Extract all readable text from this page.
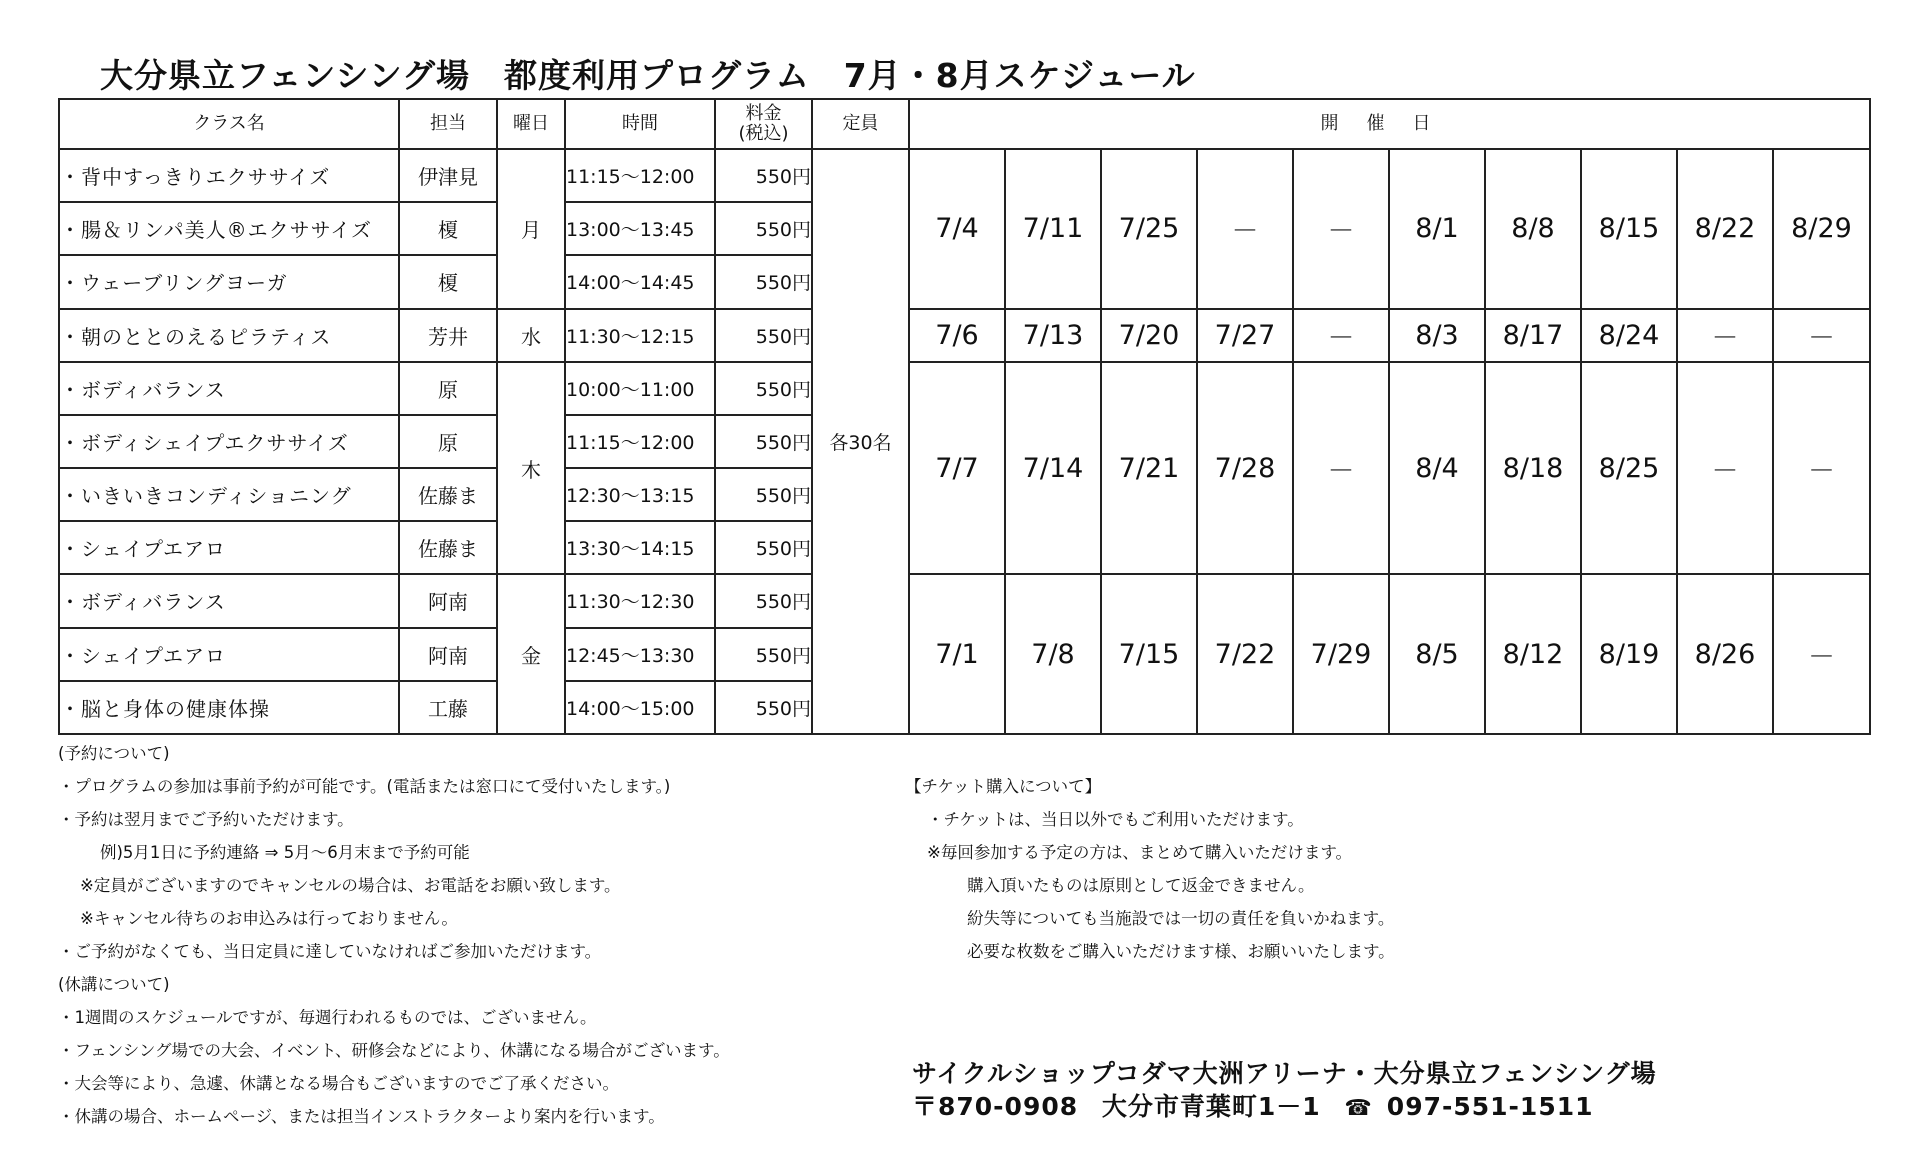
大分県立フェンシング場　都度利用プログラム　7月・8月スケジュール
クラス名	担当	曜日	時間	料金
(税込)	定員	開催日									
・背中すっきりエクササイズ	伊津見	月	11:15～12:00	550円	各30名	7/4	7/11	7/25	－	－	8/1	8/8	8/15	8/22	8/29
・腸＆リンパ美人®エクササイズ	榎		13:00～13:45	550円											
・ウェーブリングヨーガ	榎		14:00～14:45	550円											
・朝のととのえるピラティス	芳井	水	11:30～12:15	550円		7/6	7/13	7/20	7/27	－	8/3	8/17	8/24	－	－
・ボディバランス	原	木	10:00～11:00	550円		7/7	7/14	7/21	7/28	－	8/4	8/18	8/25	－	－
・ボディシェイプエクササイズ	原		11:15～12:00	550円											
・いきいきコンディショニング	佐藤ま		12:30～13:15	550円											
・シェイプエアロ	佐藤ま		13:30～14:15	550円											
・ボディバランス	阿南	金	11:30～12:30	550円		7/1	7/8	7/15	7/22	7/29	8/5	8/12	8/19	8/26	－
・シェイプエアロ	阿南		12:45～13:30	550円											
・脳と身体の健康体操	工藤		14:00～15:00	550円											
(予約について)
・プログラムの参加は事前予約が可能です。(電話または窓口にて受付いたします。)
・予約は翌月までご予約いただけます。
例)5月1日に予約連絡 ⇒ 5月～6月末まで予約可能
※定員がございますのでキャンセルの場合は、お電話をお願い致します。
※キャンセル待ちのお申込みは行っておりません。
・ご予約がなくても、当日定員に達していなければご参加いただけます。
(休講について)
・1週間のスケジュールですが、毎週行われるものでは、ございません。
・フェンシング場での大会、イベント、研修会などにより、休講になる場合がございます。
・大会等により、急遽、休講となる場合もございますのでご了承ください。
・休講の場合、ホームページ、または担当インストラクターより案内を行います。
【チケット購入について】
・チケットは、当日以外でもご利用いただけます。
※毎回参加する予定の方は、まとめて購入いただけます。
購入頂いたものは原則として返金できません。
紛失等についても当施設では一切の責任を負いかねます。
必要な枚数をご購入いただけます様、お願いいたします。
サイクルショップコダマ大洲アリーナ・大分県立フェンシング場
〒870-0908 大分市青葉町1－1 ☎ 097-551-1511
